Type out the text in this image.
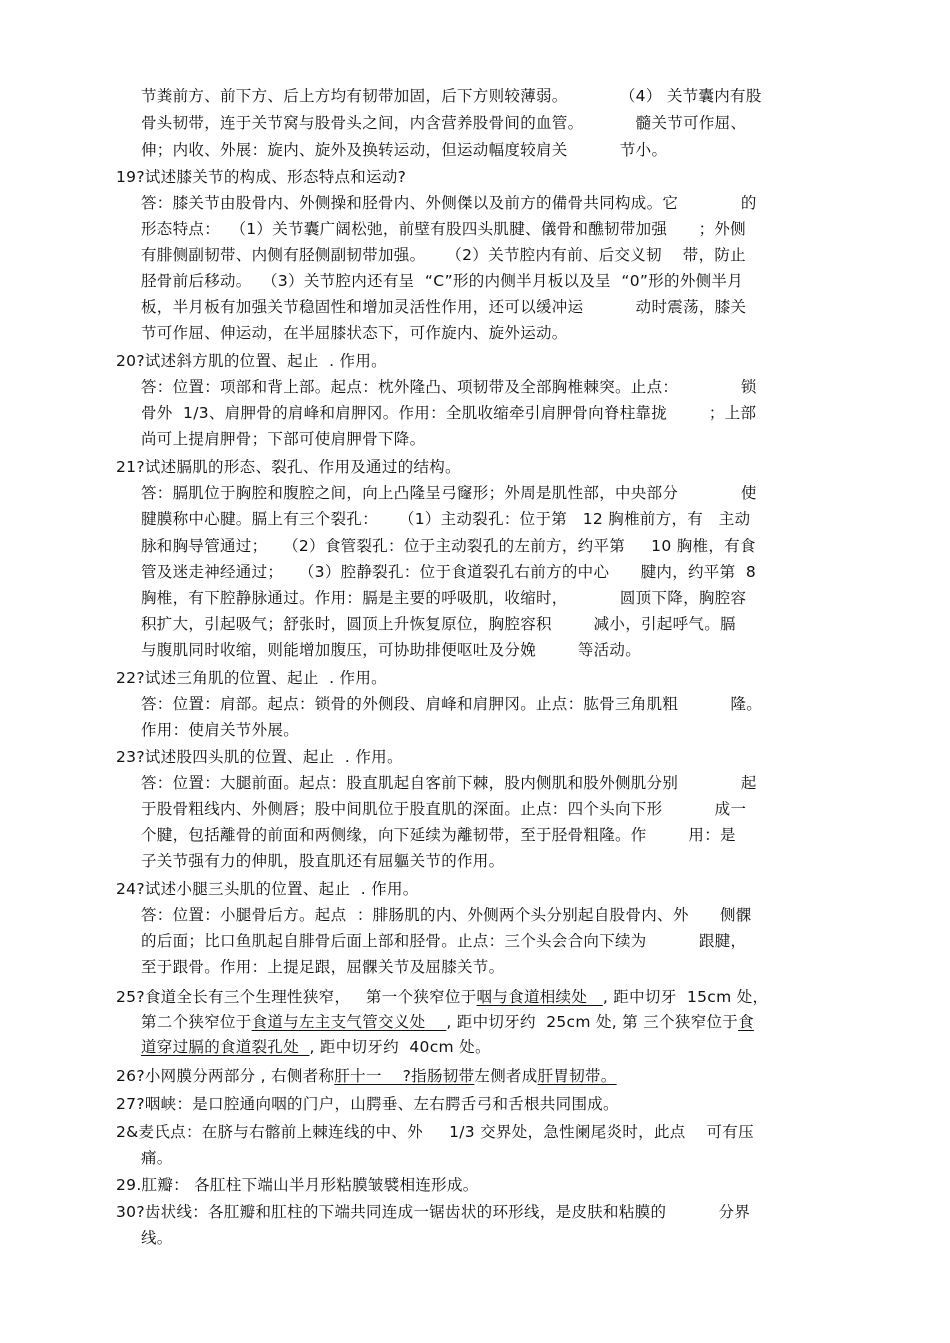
节粪前方、前下方、后上方均有韧带加固，后下方则较薄弱。          （4） 关节囊内有股
骨头韧带，连于关节窝与股骨头之间，内含营养股骨间的血管。          髓关节可作屈、
伸；内收、外展：旋内、旋外及换转运动，但运动幅度较肩关          节小。
19?试述膝关节的构成、形态特点和运动?
答：膝关节由股骨内、外侧操和胫骨内、外侧傑以及前方的備骨共同构成。它            的
形态特点：  （1）关节囊广阔松弛，前壁有股四头肌腱、儀骨和醮韧带加强      ；外侧
有腓侧副韧带、内侧有胫侧副韧带加强。    （2）关节腔内有前、后交义韧    带，防止
胫骨前后移动。  （3）关节腔内还有呈  “C”形的内侧半月板以及呈  “0”形的外侧半月
板，半月板有加强关节稳固性和增加灵活性作用，还可以缓冲运          动时震荡，膝关
节可作屈、伸运动，在半屈膝状态下，可作旋内、旋外运动。
20?试述斜方肌的位置、起止  . 作用。
答：位置：项部和背上部。起点：枕外隆凸、项韧带及全部胸椎棘突。止点：            锁
骨外  1/3、肩胛骨的肩峰和肩胛冈。作用：全肌收缩牵引肩胛骨向脊柱靠拢        ；上部
尚可上提肩胛骨；下部可使肩胛骨下降。
21?试述膈肌的形态、裂孔、作用及通过的结构。
答：膈肌位于胸腔和腹腔之间，向上凸隆呈弓窿形；外周是肌性部，中央部分            使
腱膜称中心腱。膈上有三个裂孔：    （1）主动裂孔：位于第   12 胸椎前方，有   主动
脉和胸导管通过；   （2）食管裂孔：位于主动裂孔的左前方，约平第     10 胸椎，有食
管及迷走神经通过；   （3）腔静裂孔：位于食道裂孔右前方的中心      腱内，约平第  8
胸椎，有下腔静脉通过。作用：膈是主要的呼吸肌，收缩时，          圆顶下降，胸腔容
积扩大，引起吸气；舒张时，圆顶上升恢复原位，胸腔容积        减小，引起呼气。膈
与腹肌同时收缩，则能增加腹压，可协助排便呕吐及分娩        等活动。
22?试述三角肌的位置、起止  . 作用。
答：位置：肩部。起点：锁骨的外侧段、肩峰和肩胛冈。止点：肱骨三角肌粗          隆。
作用：使肩关节外展。
23?试述股四头肌的位置、起止  . 作用。
答：位置：大腿前面。起点：股直肌起自客前下棘，股内侧肌和股外侧肌分别            起
于股骨粗线内、外侧唇；股中间肌位于股直肌的深面。止点：四个头向下形          成一
个腱，包括離骨的前面和两侧缘，向下延续为離韧带，至于胫骨粗隆。作        用：是
子关节强有力的伸肌，股直肌还有屈軀关节的作用。
24?试述小腿三头肌的位置、起止  . 作用。
答：位置：小腿骨后方。起点  ：腓肠肌的内、外侧两个头分别起自股骨内、外      侧髁
的后面；比口鱼肌起自腓骨后面上部和胫骨。止点：三个头会合向下续为          跟腱，
至于跟骨。作用：上提足跟，屈髁关节及屈膝关节。
25?食道全长有三个生理性狭窄，   第一个狭窄位于咽与食道相续处   , 距中切牙  15cm 处，
第二个狭窄位于食道与左主支气管交义处    , 距中切牙约  25cm 处, 第 三个狭窄位于食
道穿过膈的食道裂孔处  , 距中切牙约  40cm 处。
26?小网膜分两部分 , 右侧者称肝十一    ?指肠韧带左侧者成肝胃韧带。
27?咽峡：是口腔通向咽的门户，山腭垂、左右腭舌弓和舌根共同围成。
2&麦氏点：在脐与右髂前上棘连线的中、外     1/3 交界处，急性阑尾炎时，此点    可有压
痛。
29.肛瓣： 各肛柱下端山半月形粘膜皱襞相连形成。
30?齿状线：各肛瓣和肛柱的下端共同连成一锯齿状的环形线，是皮肤和粘膜的          分界
线。
